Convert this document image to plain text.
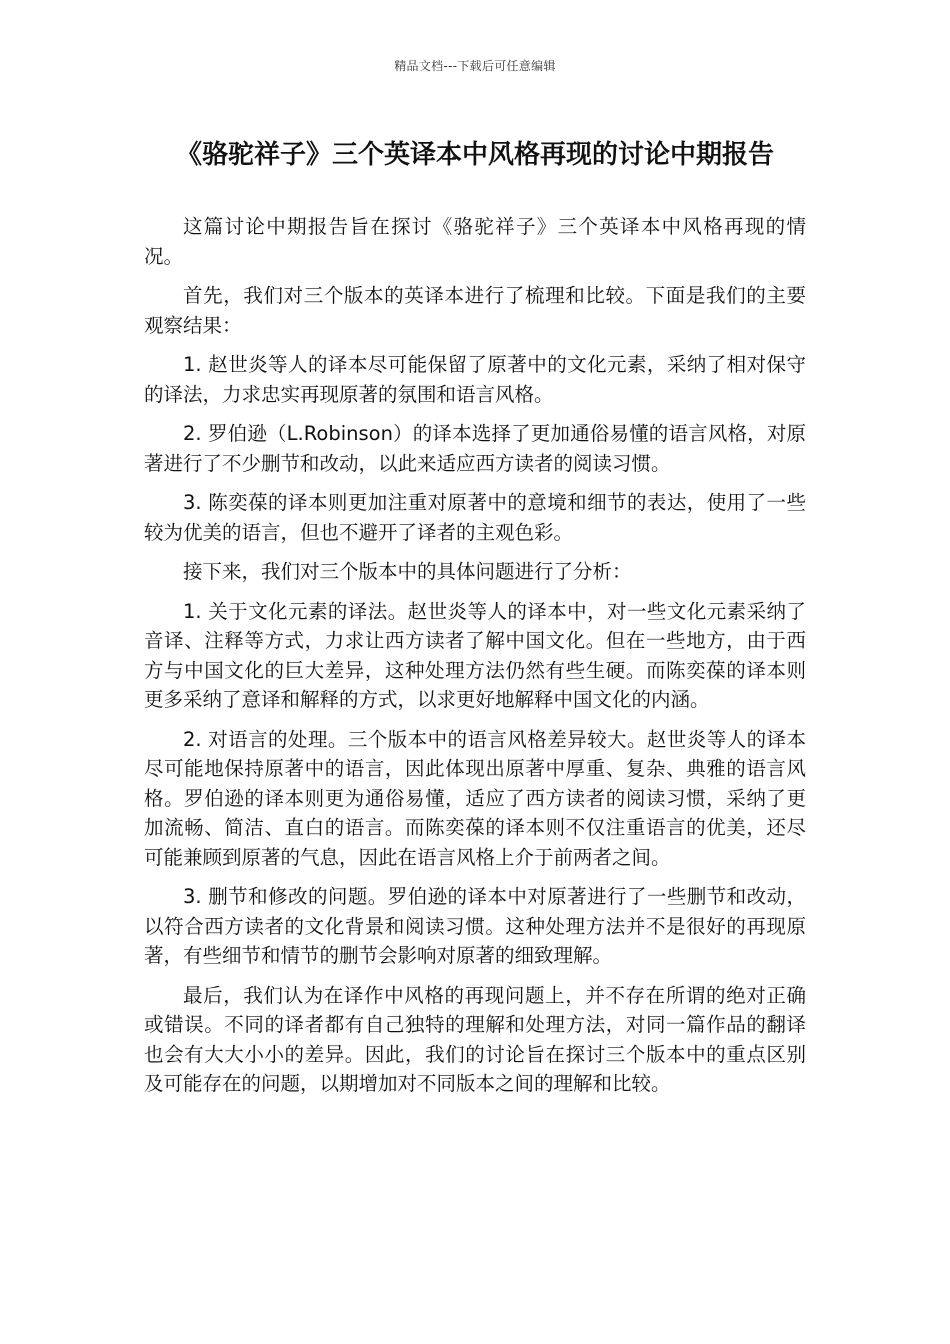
精品文档---下载后可任意编辑
《骆驼祥子》三个英译本中风格再现的讨论中期报告

这篇讨论中期报告旨在探讨《骆驼祥子》三个英译本中风格再现的情况。

首先，我们对三个版本的英译本进行了梳理和比较。下面是我们的主要观察结果：

1. 赵世炎等人的译本尽可能保留了原著中的文化元素，采纳了相对保守的译法，力求忠实再现原著的氛围和语言风格。

2. 罗伯逊（L.Robinson）的译本选择了更加通俗易懂的语言风格，对原著进行了不少删节和改动，以此来适应西方读者的阅读习惯。

3. 陈奕葆的译本则更加注重对原著中的意境和细节的表达，使用了一些较为优美的语言，但也不避开了译者的主观色彩。

接下来，我们对三个版本中的具体问题进行了分析：

1. 关于文化元素的译法。赵世炎等人的译本中，对一些文化元素采纳了音译、注释等方式，力求让西方读者了解中国文化。但在一些地方，由于西方与中国文化的巨大差异，这种处理方法仍然有些生硬。而陈奕葆的译本则更多采纳了意译和解释的方式，以求更好地解释中国文化的内涵。

2. 对语言的处理。三个版本中的语言风格差异较大。赵世炎等人的译本尽可能地保持原著中的语言，因此体现出原著中厚重、复杂、典雅的语言风格。罗伯逊的译本则更为通俗易懂，适应了西方读者的阅读习惯，采纳了更加流畅、简洁、直白的语言。而陈奕葆的译本则不仅注重语言的优美，还尽可能兼顾到原著的气息，因此在语言风格上介于前两者之间。

3. 删节和修改的问题。罗伯逊的译本中对原著进行了一些删节和改动，以符合西方读者的文化背景和阅读习惯。这种处理方法并不是很好的再现原著，有些细节和情节的删节会影响对原著的细致理解。

最后，我们认为在译作中风格的再现问题上，并不存在所谓的绝对正确或错误。不同的译者都有自己独特的理解和处理方法，对同一篇作品的翻译也会有大大小小的差异。因此，我们的讨论旨在探讨三个版本中的重点区别及可能存在的问题，以期增加对不同版本之间的理解和比较。
